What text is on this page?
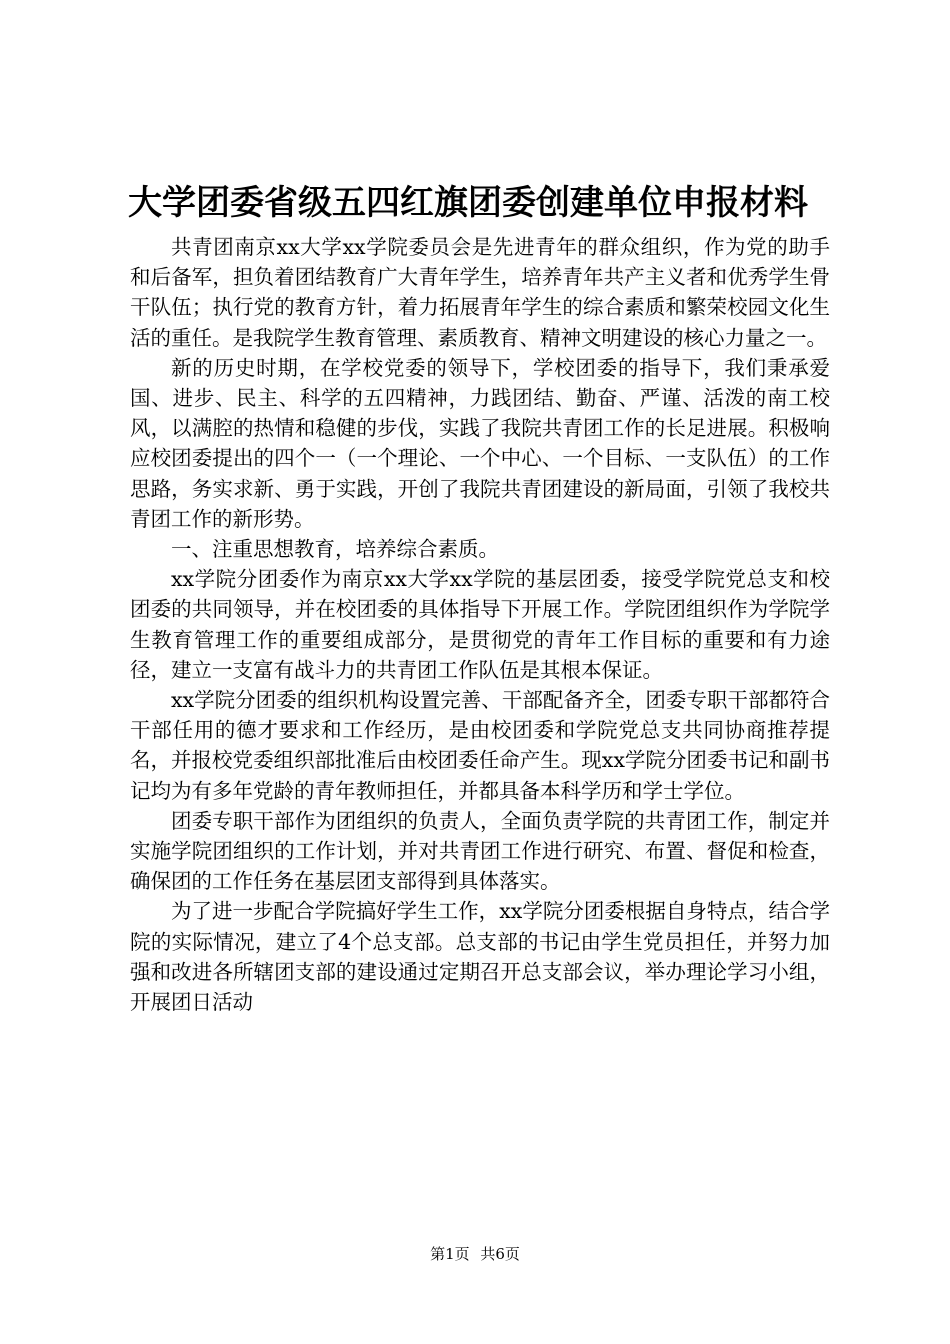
大学团委省级五四红旗团委创建单位申报材料

共青团南京xx大学xx学院委员会是先进青年的群众组织，作为党的助手和后备军，担负着团结教育广大青年学生，培养青年共产主义者和优秀学生骨干队伍；执行党的教育方针，着力拓展青年学生的综合素质和繁荣校园文化生活的重任。是我院学生教育管理、素质教育、精神文明建设的核心力量之一。

新的历史时期，在学校党委的领导下，学校团委的指导下，我们秉承爱国、进步、民主、科学的五四精神，力践团结、勤奋、严谨、活泼的南工校风，以满腔的热情和稳健的步伐，实践了我院共青团工作的长足进展。积极响应校团委提出的四个一（一个理论、一个中心、一个目标、一支队伍）的工作思路，务实求新、勇于实践，开创了我院共青团建设的新局面，引领了我校共青团工作的新形势。

一、注重思想教育，培养综合素质。

xx学院分团委作为南京xx大学xx学院的基层团委，接受学院党总支和校团委的共同领导，并在校团委的具体指导下开展工作。学院团组织作为学院学生教育管理工作的重要组成部分，是贯彻党的青年工作目标的重要和有力途径，建立一支富有战斗力的共青团工作队伍是其根本保证。

xx学院分团委的组织机构设置完善、干部配备齐全，团委专职干部都符合干部任用的德才要求和工作经历，是由校团委和学院党总支共同协商推荐提名，并报校党委组织部批准后由校团委任命产生。现xx学院分团委书记和副书记均为有多年党龄的青年教师担任，并都具备本科学历和学士学位。

团委专职干部作为团组织的负责人，全面负责学院的共青团工作，制定并实施学院团组织的工作计划，并对共青团工作进行研究、布置、督促和检查，确保团的工作任务在基层团支部得到具体落实。

为了进一步配合学院搞好学生工作，xx学院分团委根据自身特点，结合学院的实际情况，建立了4个总支部。总支部的书记由学生党员担任，并努力加强和改进各所辖团支部的建设通过定期召开总支部会议，举办理论学习小组，开展团日活动

第1页 共6页
